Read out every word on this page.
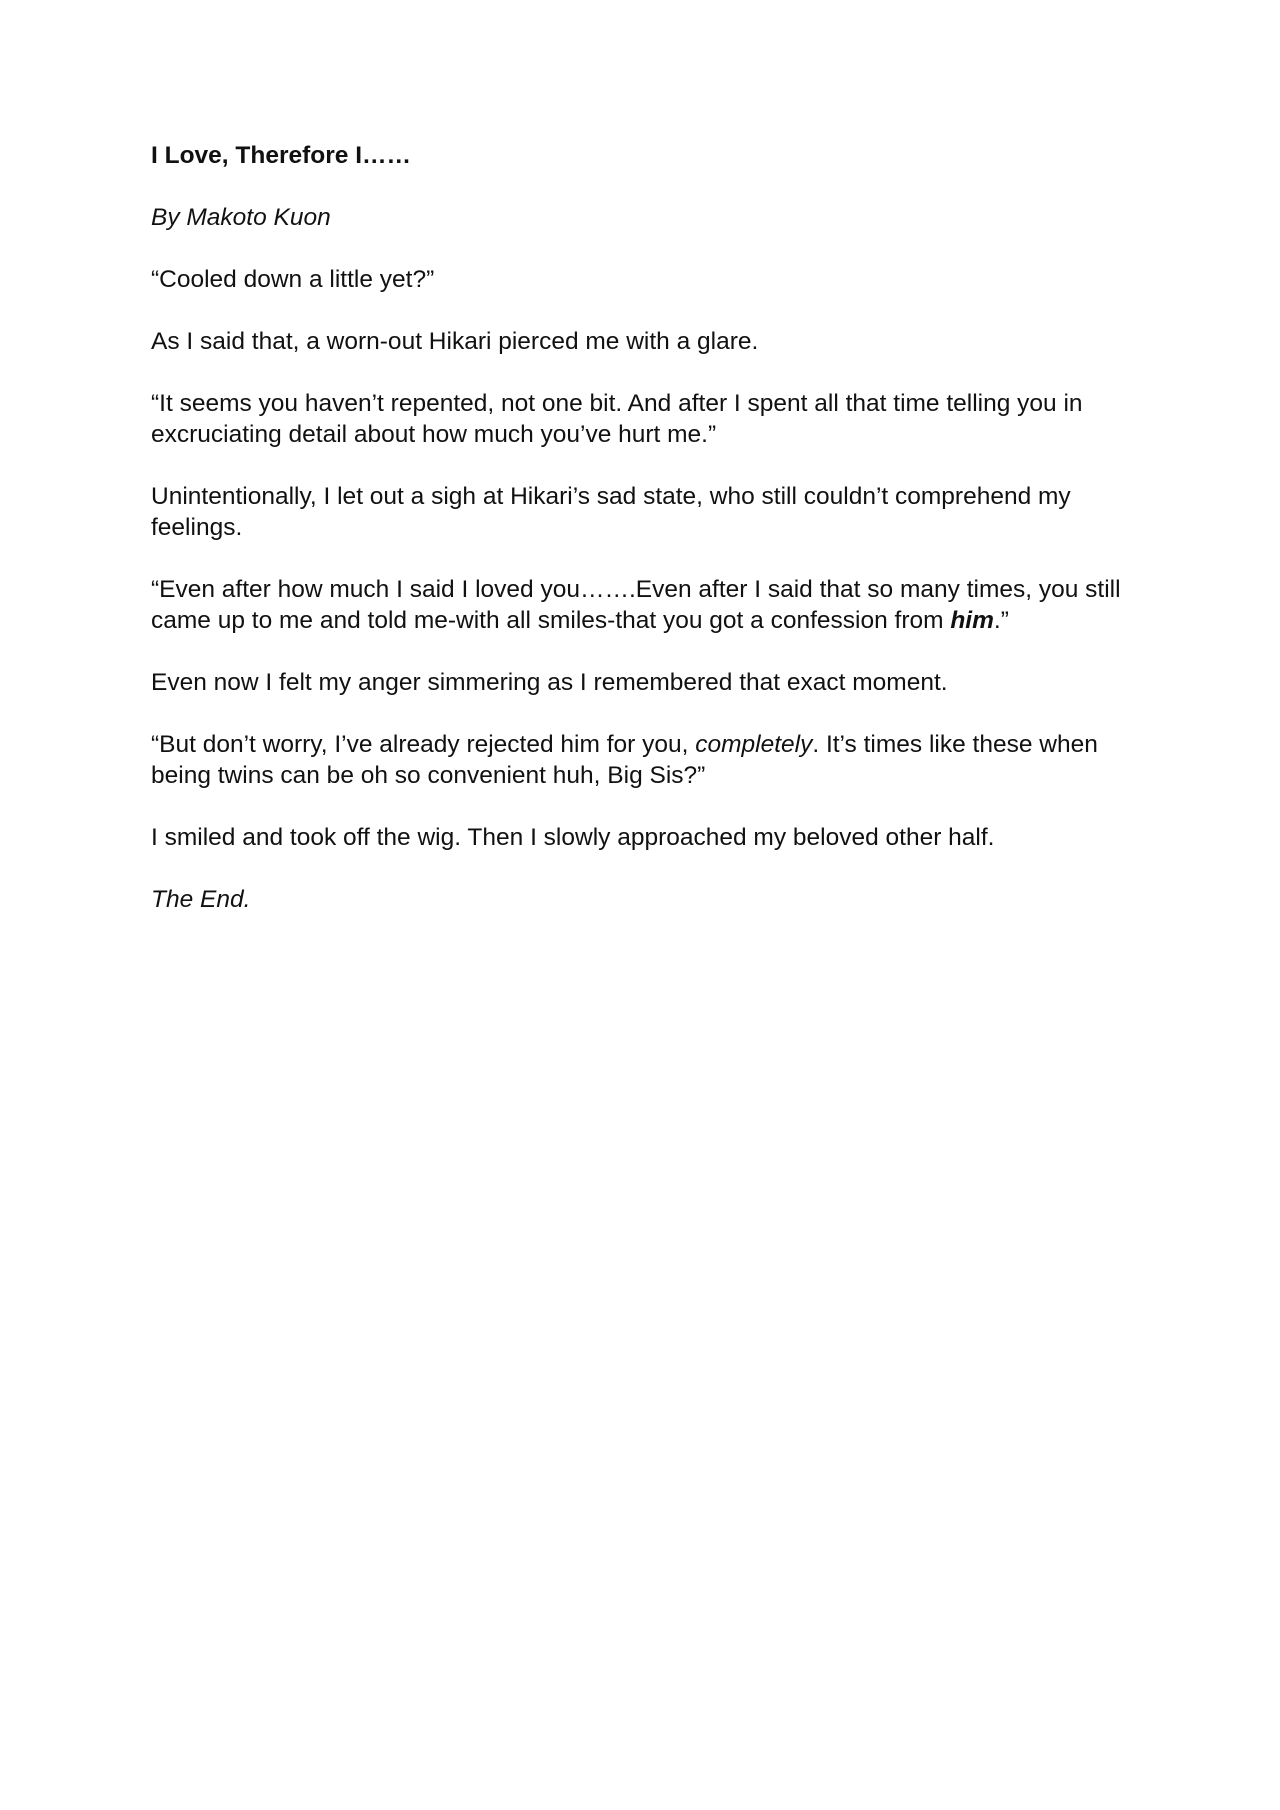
I Love, Therefore I……

By Makoto Kuon

“Cooled down a little yet?”

As I said that, a worn-out Hikari pierced me with a glare.

“It seems you haven’t repented, not one bit. And after I spent all that time telling you in excruciating detail about how much you’ve hurt me.”

Unintentionally, I let out a sigh at Hikari’s sad state, who still couldn’t comprehend my feelings.

“Even after how much I said I loved you…….Even after I said that so many times, you still came up to me and told me-with all smiles-that you got a confession from him.”

Even now I felt my anger simmering as I remembered that exact moment.

“But don’t worry, I’ve already rejected him for you, completely. It’s times like these when being twins can be oh so convenient huh, Big Sis?”

I smiled and took off the wig. Then I slowly approached my beloved other half.

The End.
